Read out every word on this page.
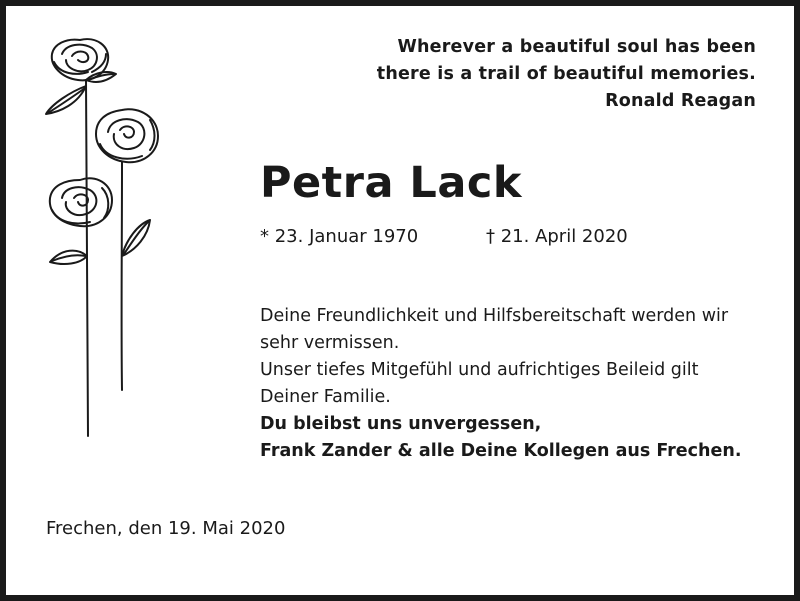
Wherever a beautiful soul has been
there is a trail of beautiful memories.
Ronald Reagan
Petra Lack
* 23. Januar 1970	† 21. April 2020

Deine Freundlichkeit und Hilfsbereitschaft werden wir

sehr vermissen.

Unser tiefes Mitgefühl und aufrichtiges Beileid gilt

Deiner Familie.

Du bleibst uns unvergessen,

Frank Zander & alle Deine Kollegen aus Frechen.

Frechen, den 19. Mai 2020
